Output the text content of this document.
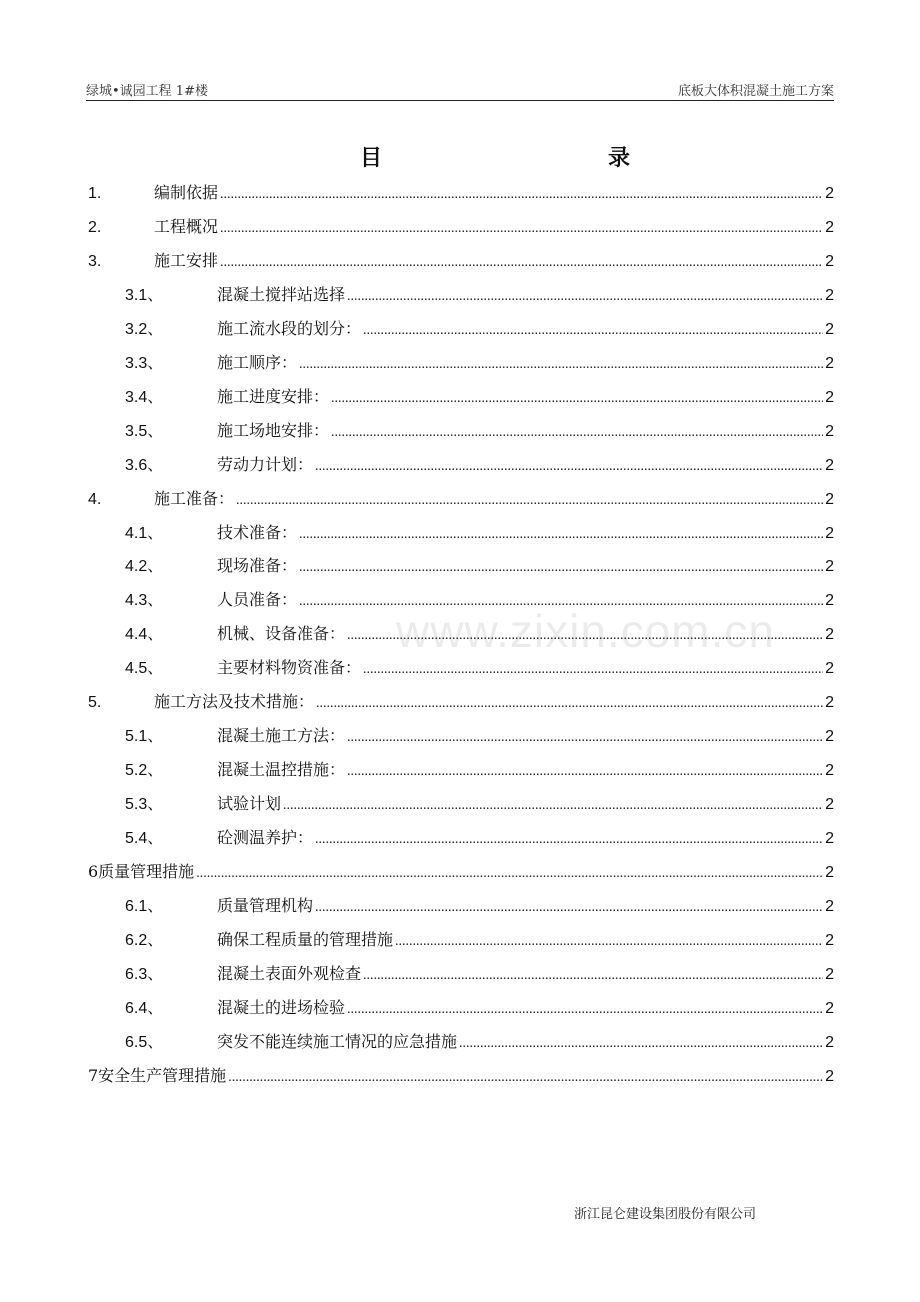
绿城•诚园工程 1#楼	底板大体积混凝土施工方案
目	录
www.zixin.com.cn
1.	编制依据 .....	2
2.	工程概况 .....	2
3.	施工安排 .....	2
3.1、	混凝土搅拌站选择 .....	2
3.2、	施工流水段的划分： .....	2
3.3、	施工顺序： .....	2
3.4、	施工进度安排： .....	2
3.5、	施工场地安排： .....	2
3.6、	劳动力计划： .....	2
4.	施工准备： .....	2
4.1、	技术准备： .....	2
4.2、	现场准备： .....	2
4.3、	人员准备： .....	2
4.4、	机械、设备准备： .....	2
4.5、	主要材料物资准备： .....	2
5.	施工方法及技术措施： .....	2
5.1、	混凝土施工方法： .....	2
5.2、	混凝土温控措施： .....	2
5.3、	试验计划 .....	2
5.4、	砼测温养护： .....	2
6质量管理措施 .....	2
6.1、	质量管理机构 .....	2
6.2、	确保工程质量的管理措施 .....	2
6.3、	混凝土表面外观检查 .....	2
6.4、	混凝土的进场检验 .....	2
6.5、	突发不能连续施工情况的应急措施 .....	2
7安全生产管理措施 .....	2
浙江昆仑建设集团股份有限公司
